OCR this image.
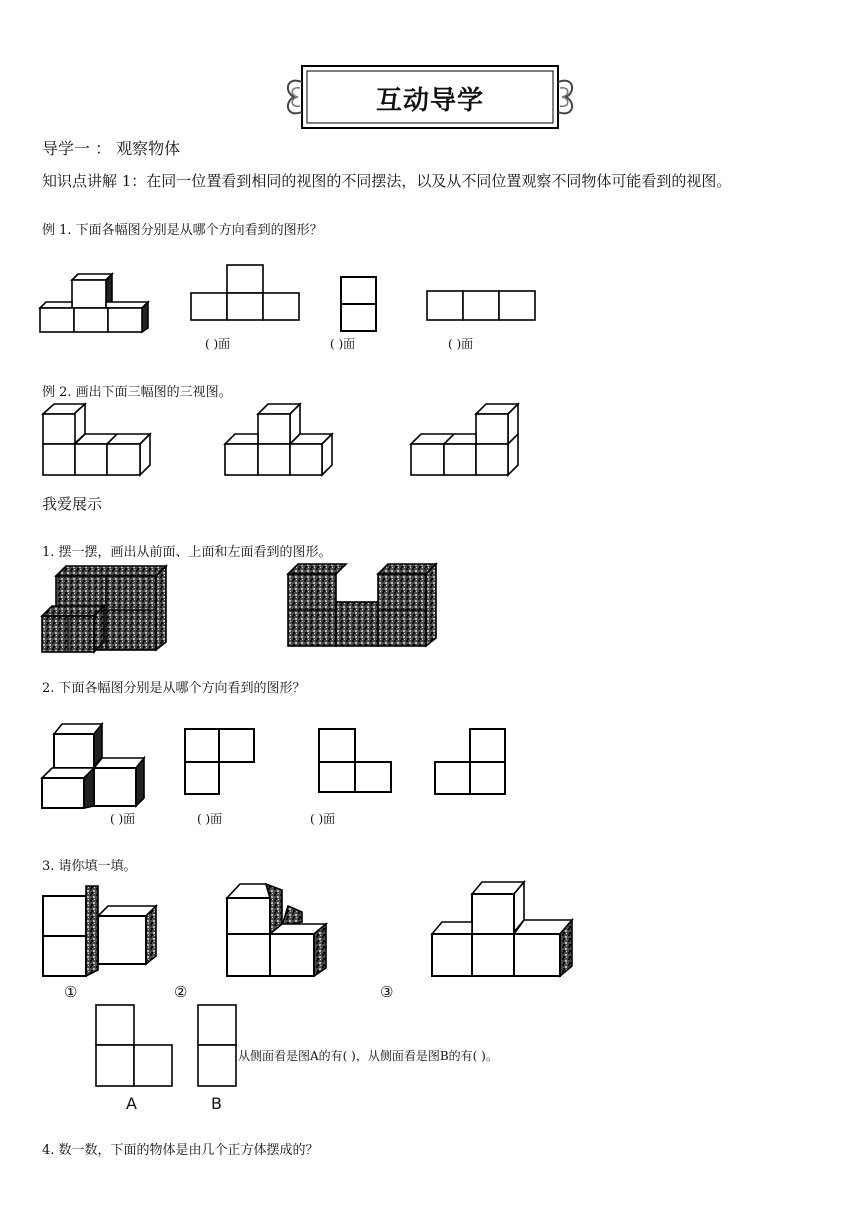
互动导学
导学一 ： 观察物体
知识点讲解 1：在同一位置看到相同的视图的不同摆法，以及从不同位置观察不同物体可能看到的视图。
例 1. 下面各幅图分别是从哪个方向看到的图形？
( )面	( )面	( )面
例 2. 画出下面三幅图的三视图。
我爱展示
1. 摆一摆，画出从前面、上面和左面看到的图形。
2. 下面各幅图分别是从哪个方向看到的图形？
( )面	( )面	( )面
3. 请你填一填。
①	②	③
A	B
从侧面看是图A的有( )，从侧面看是图B的有( )。
4. 数一数，下面的物体是由几个正方体摆成的？
